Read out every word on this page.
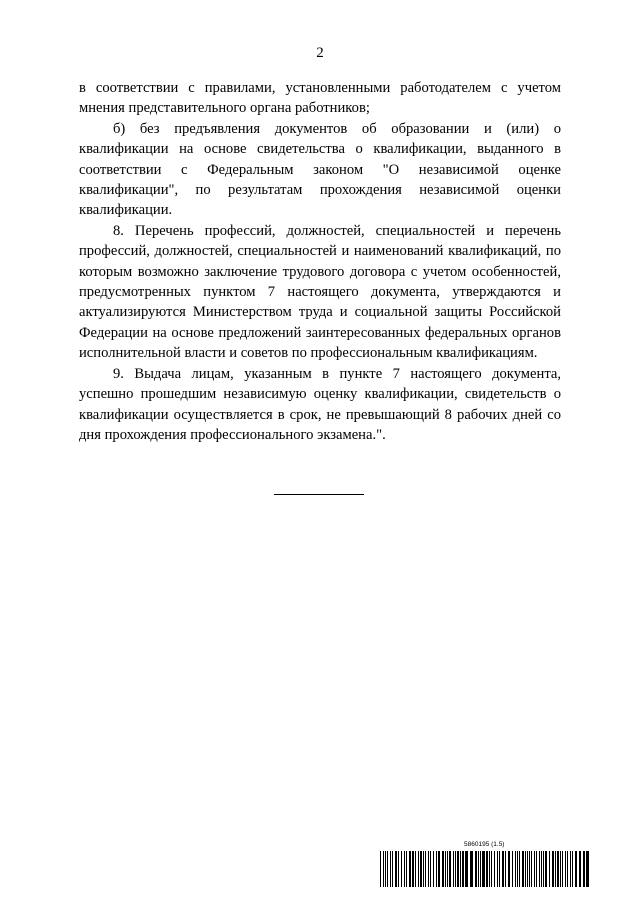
2

в соответствии с правилами, установленными работодателем с учетом мнения представительного органа работников;

б) без предъявления документов об образовании и (или) о квалификации на основе свидетельства о квалификации, выданного в соответствии с Федеральным законом "О независимой оценке квалификации", по результатам прохождения независимой оценки квалификации.

8. Перечень профессий, должностей, специальностей и перечень профессий, должностей, специальностей и наименований квалификаций, по которым возможно заключение трудового договора с учетом особенностей, предусмотренных пунктом 7 настоящего документа, утверждаются и актуализируются Министерством труда и социальной защиты Российской Федерации на основе предложений заинтересованных федеральных органов исполнительной власти и советов по профессиональным квалификациям.

9. Выдача лицам, указанным в пункте 7 настоящего документа, успешно прошедшим независимую оценку квалификации, свидетельств о квалификации осуществляется в срок, не превышающий 8 рабочих дней со дня прохождения профессионального экзамена.".

5860195 (1.5)
